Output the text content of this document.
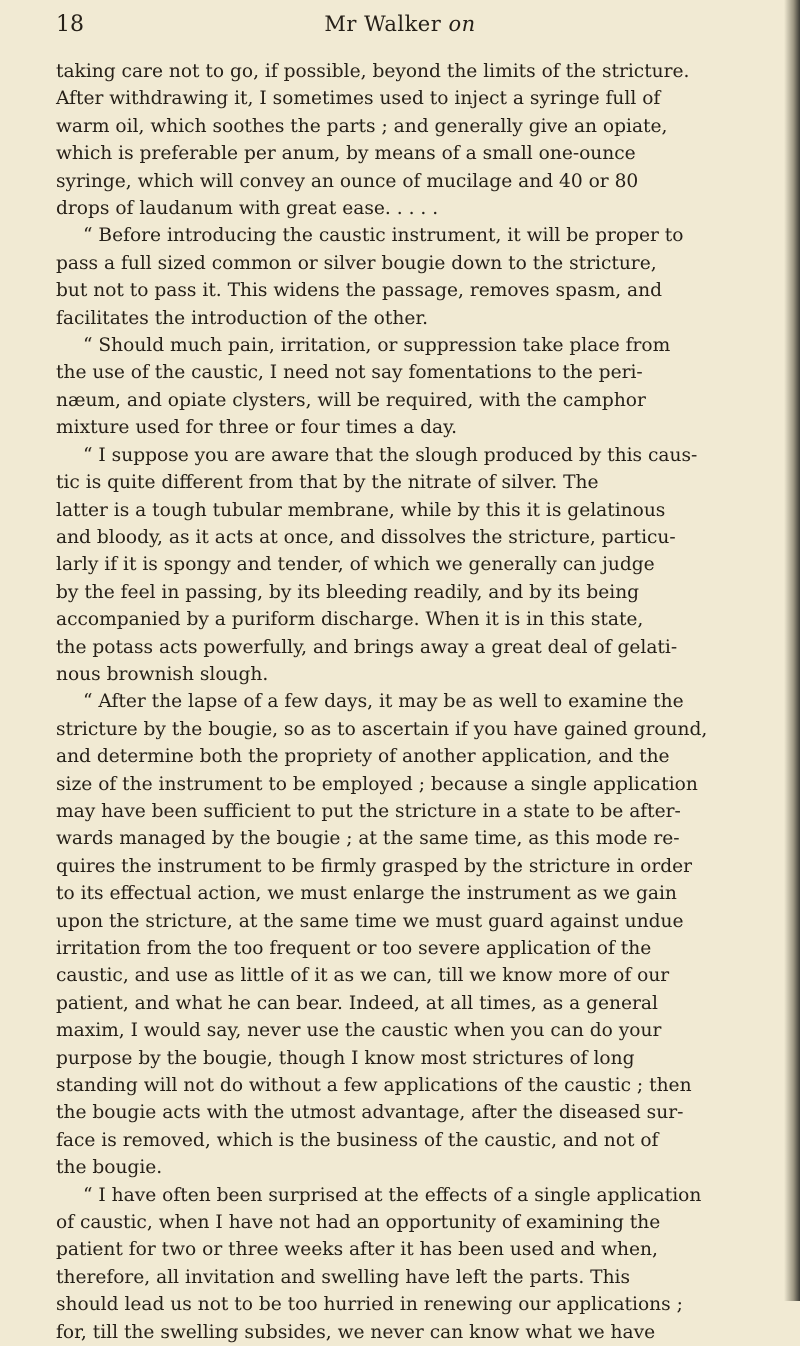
18	Mr Walker on
taking care not to go, if possible, beyond the limits of the stricture.
After withdrawing it, I sometimes used to inject a syringe full of
warm oil, which soothes the parts ; and generally give an opiate,
which is preferable per anum, by means of a small one-ounce
syringe, which will convey an ounce of mucilage and 40 or 80
drops of laudanum with great ease. . . . .
“ Before introducing the caustic instrument, it will be proper to
pass a full sized common or silver bougie down to the stricture,
but not to pass it. This widens the passage, removes spasm, and
facilitates the introduction of the other.
“ Should much pain, irritation, or suppression take place from
the use of the caustic, I need not say fomentations to the peri-
næum, and opiate clysters, will be required, with the camphor
mixture used for three or four times a day.
“ I suppose you are aware that the slough produced by this caus-
tic is quite different from that by the nitrate of silver. The
latter is a tough tubular membrane, while by this it is gelatinous
and bloody, as it acts at once, and dissolves the stricture, particu-
larly if it is spongy and tender, of which we generally can judge
by the feel in passing, by its bleeding readily, and by its being
accompanied by a puriform discharge. When it is in this state,
the potass acts powerfully, and brings away a great deal of gelati-
nous brownish slough.
“ After the lapse of a few days, it may be as well to examine the
stricture by the bougie, so as to ascertain if you have gained ground,
and determine both the propriety of another application, and the
size of the instrument to be employed ; because a single application
may have been sufficient to put the stricture in a state to be after-
wards managed by the bougie ; at the same time, as this mode re-
quires the instrument to be firmly grasped by the stricture in order
to its effectual action, we must enlarge the instrument as we gain
upon the stricture, at the same time we must guard against undue
irritation from the too frequent or too severe application of the
caustic, and use as little of it as we can, till we know more of our
patient, and what he can bear. Indeed, at all times, as a general
maxim, I would say, never use the caustic when you can do your
purpose by the bougie, though I know most strictures of long
standing will not do without a few applications of the caustic ; then
the bougie acts with the utmost advantage, after the diseased sur-
face is removed, which is the business of the caustic, and not of
the bougie.
“ I have often been surprised at the effects of a single application
of caustic, when I have not had an opportunity of examining the
patient for two or three weeks after it has been used and when,
therefore, all invitation and swelling have left the parts. This
should lead us not to be too hurried in renewing our applications ;
for, till the swelling subsides, we never can know what we have
